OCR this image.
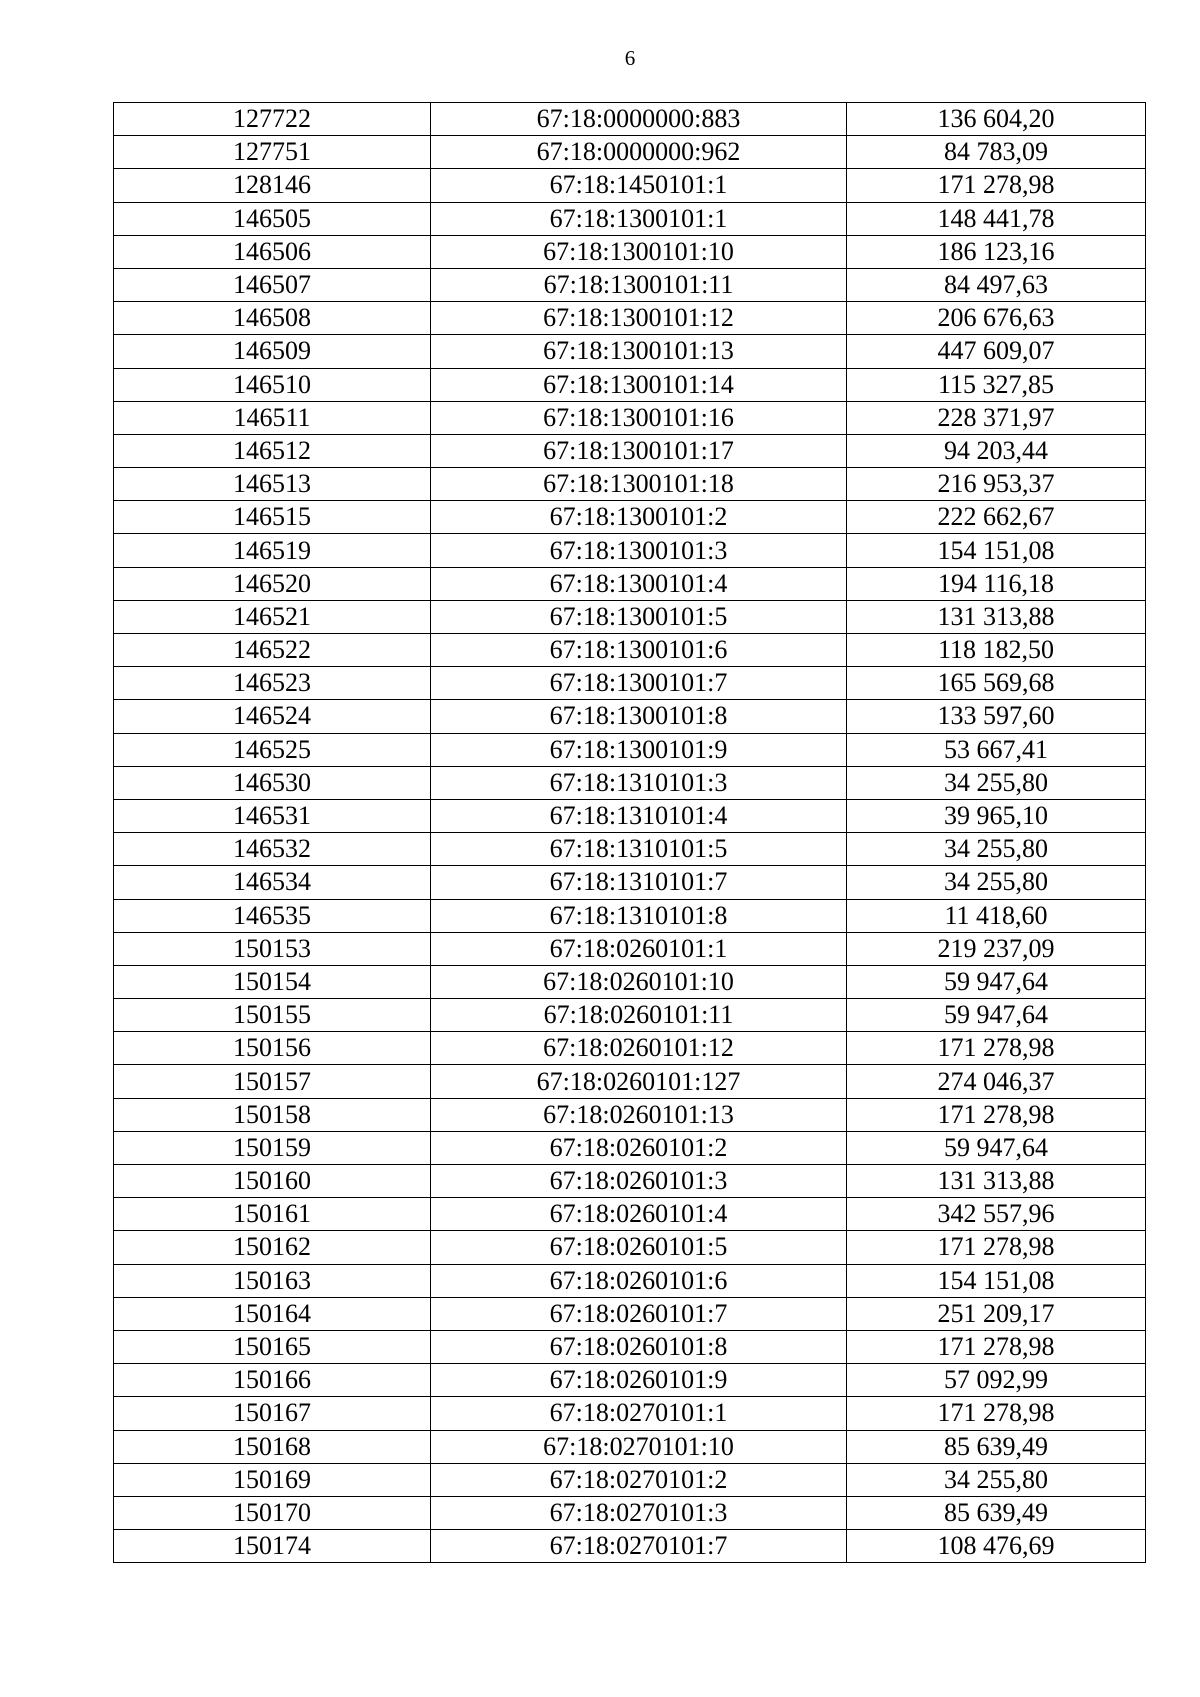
6
127722	67:18:0000000:883	136 604,20
127751	67:18:0000000:962	84 783,09
128146	67:18:1450101:1	171 278,98
146505	67:18:1300101:1	148 441,78
146506	67:18:1300101:10	186 123,16
146507	67:18:1300101:11	84 497,63
146508	67:18:1300101:12	206 676,63
146509	67:18:1300101:13	447 609,07
146510	67:18:1300101:14	115 327,85
146511	67:18:1300101:16	228 371,97
146512	67:18:1300101:17	94 203,44
146513	67:18:1300101:18	216 953,37
146515	67:18:1300101:2	222 662,67
146519	67:18:1300101:3	154 151,08
146520	67:18:1300101:4	194 116,18
146521	67:18:1300101:5	131 313,88
146522	67:18:1300101:6	118 182,50
146523	67:18:1300101:7	165 569,68
146524	67:18:1300101:8	133 597,60
146525	67:18:1300101:9	53 667,41
146530	67:18:1310101:3	34 255,80
146531	67:18:1310101:4	39 965,10
146532	67:18:1310101:5	34 255,80
146534	67:18:1310101:7	34 255,80
146535	67:18:1310101:8	11 418,60
150153	67:18:0260101:1	219 237,09
150154	67:18:0260101:10	59 947,64
150155	67:18:0260101:11	59 947,64
150156	67:18:0260101:12	171 278,98
150157	67:18:0260101:127	274 046,37
150158	67:18:0260101:13	171 278,98
150159	67:18:0260101:2	59 947,64
150160	67:18:0260101:3	131 313,88
150161	67:18:0260101:4	342 557,96
150162	67:18:0260101:5	171 278,98
150163	67:18:0260101:6	154 151,08
150164	67:18:0260101:7	251 209,17
150165	67:18:0260101:8	171 278,98
150166	67:18:0260101:9	57 092,99
150167	67:18:0270101:1	171 278,98
150168	67:18:0270101:10	85 639,49
150169	67:18:0270101:2	34 255,80
150170	67:18:0270101:3	85 639,49
150174	67:18:0270101:7	108 476,69
